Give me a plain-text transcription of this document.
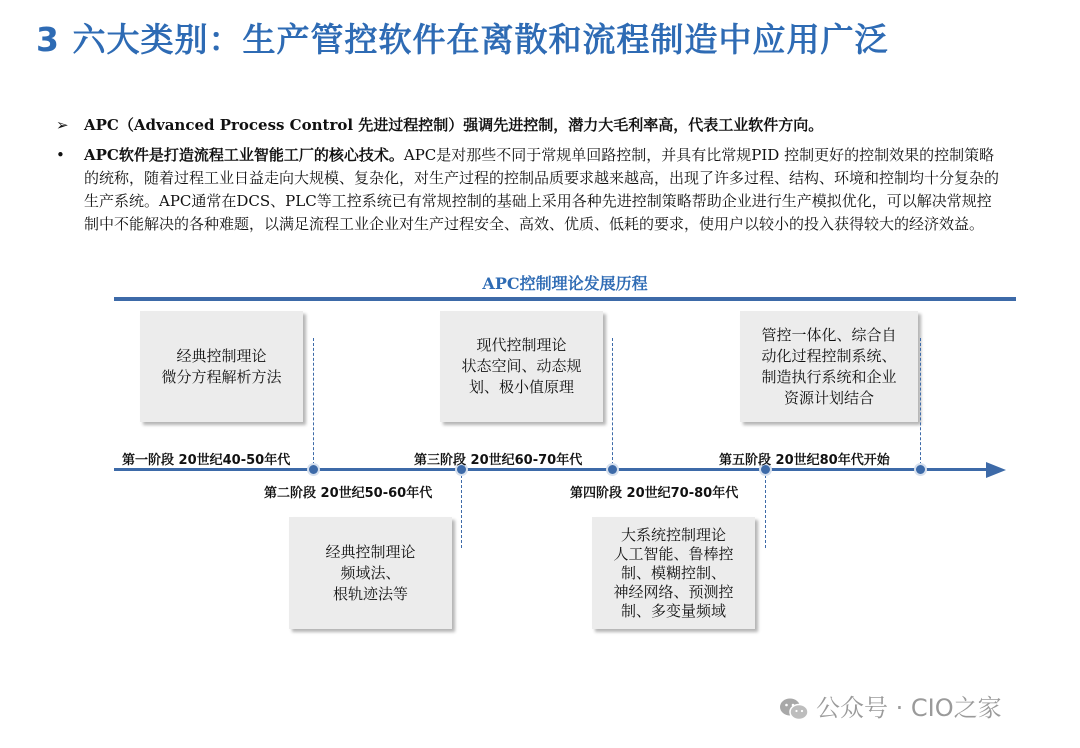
3 六大类别：生产管控软件在离散和流程制造中应用广泛
➢	APC（Advanced Process Control 先进过程控制）强调先进控制，潜力大毛利率高，代表工业软件方向。
•	APC软件是打造流程工业智能工厂的核心技术。APC是对那些不同于常规单回路控制，并具有比常规PID 控制更好的控制效果的控制策略的统称，随着过程工业日益走向大规模、复杂化，对生产过程的控制品质要求越来越高，出现了许多过程、结构、环境和控制均十分复杂的生产系统。APC通常在DCS、PLC等工控系统已有常规控制的基础上采用各种先进控制策略帮助企业进行生产模拟优化，可以解决常规控制中不能解决的各种难题，以满足流程工业企业对生产过程安全、高效、优质、低耗的要求，使用户以较小的投入获得较大的经济效益。
APC控制理论发展历程
经典控制理论
微分方程解析方法
经典控制理论
频域法、
根轨迹法等
现代控制理论
状态空间、动态规
划、极小值原理
大系统控制理论
人工智能、鲁棒控
制、模糊控制、
神经网络、预测控
制、多变量频域
管控一体化、综合自
动化过程控制系统、
制造执行系统和企业
资源计划结合
第一阶段 20世纪40-50年代
第二阶段 20世纪50-60年代
第三阶段 20世纪60-70年代
第四阶段 20世纪70-80年代
第五阶段 20世纪80年代开始
公众号 · CIO之家
